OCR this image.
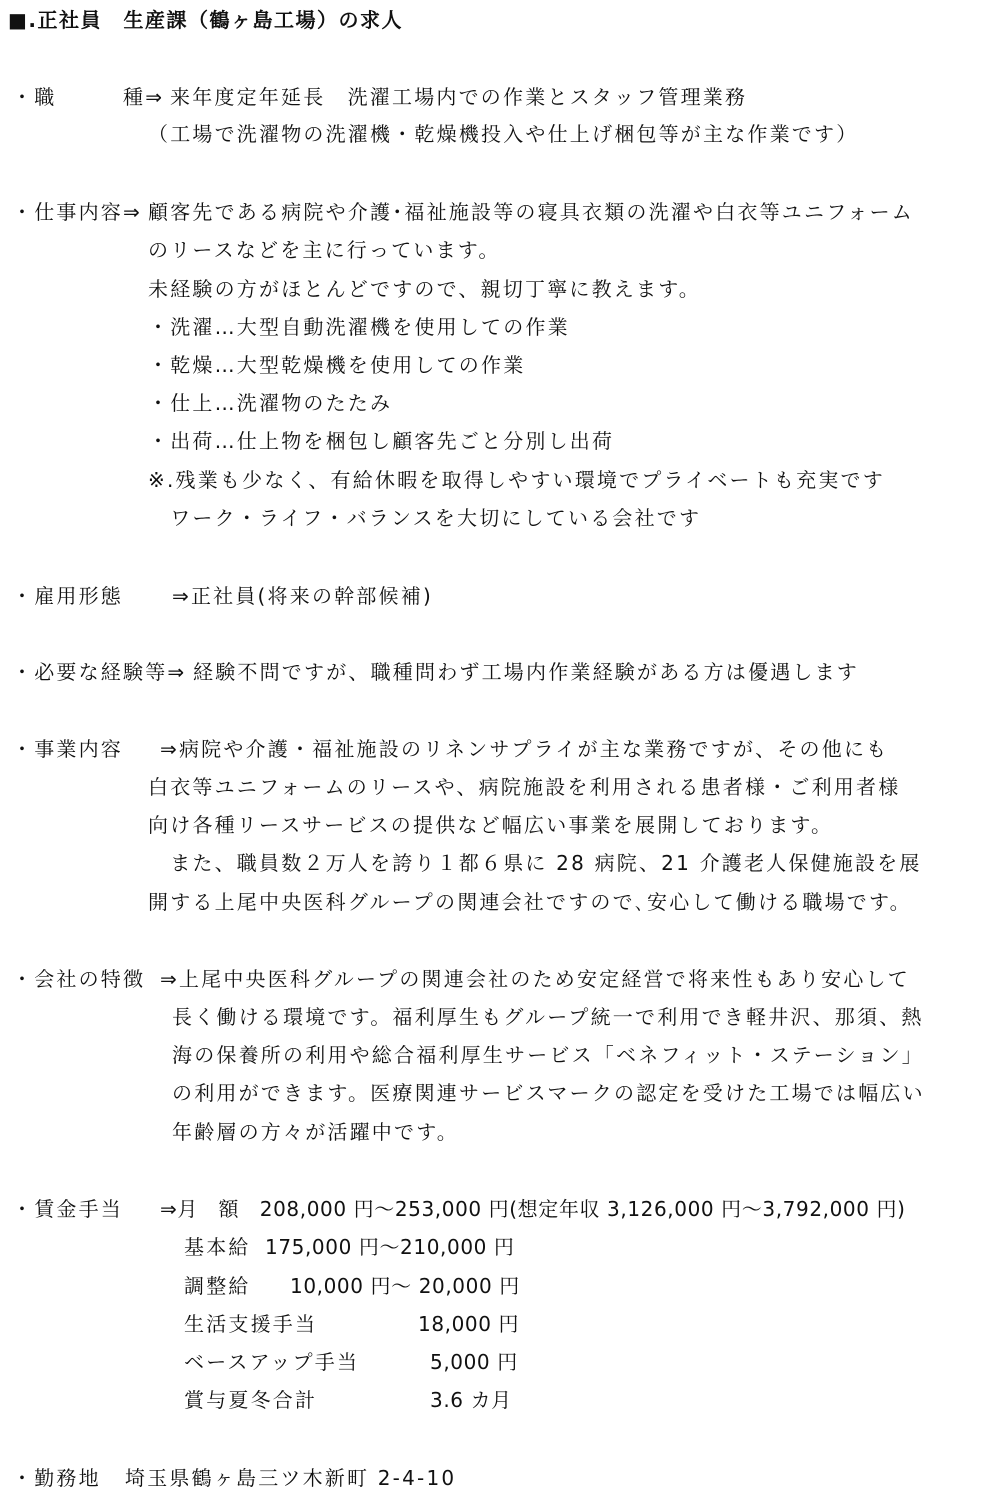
■.正社員　生産課（鶴ヶ島工場）の求人
・職　　　種⇒ 来年度定年延長　洗濯工場内での作業とスタッフ管理業務
（工場で洗濯物の洗濯機・乾燥機投入や仕上げ梱包等が主な作業です）
・仕事内容⇒ 顧客先である病院や介護･福祉施設等の寝具衣類の洗濯や白衣等ユニフォーム
のリースなどを主に行っています。
未経験の方がほとんどですので、親切丁寧に教えます。
・洗濯…大型自動洗濯機を使用しての作業
・乾燥…大型乾燥機を使用しての作業
・仕上…洗濯物のたたみ
・出荷…仕上物を梱包し顧客先ごと分別し出荷
※.残業も少なく、有給休暇を取得しやすい環境でプライベートも充実です
　ワーク・ライフ・バランスを大切にしている会社です
・雇用形態 ⇒正社員(将来の幹部候補)
・必要な経験等⇒ 経験不問ですが、職種問わず工場内作業経験がある方は優遇します
・事業内容 ⇒病院や介護・福祉施設のリネンサプライが主な業務ですが、その他にも
白衣等ユニフォームのリースや、病院施設を利用される患者様・ご利用者様
向け各種リースサービスの提供など幅広い事業を展開しております。
　また、職員数２万人を誇り１都６県に 28 病院、21 介護老人保健施設を展
開する上尾中央医科グループの関連会社ですので､安心して働ける職場です。
・会社の特徴 ⇒上尾中央医科グループの関連会社のため安定経営で将来性もあり安心して
長く働ける環境です。福利厚生もグループ統一で利用でき軽井沢、那須、熱
海の保養所の利用や総合福利厚生サービス「ベネフィット・ステーション」
の利用ができます。医療関連サービスマークの認定を受けた工場では幅広い
年齢層の方々が活躍中です。
・賃金手当 ⇒月　額　208,000 円～253,000 円(想定年収 3,126,000 円～3,792,000 円)
基本給 175,000 円～210,000 円
調整給 10,000 円～ 20,000 円
生活支援手当	18,000 円
ベースアップ手当	5,000 円
賞与夏冬合計	3.6 カ月
・勤務地 埼玉県鶴ヶ島三ツ木新町 2-4-10
